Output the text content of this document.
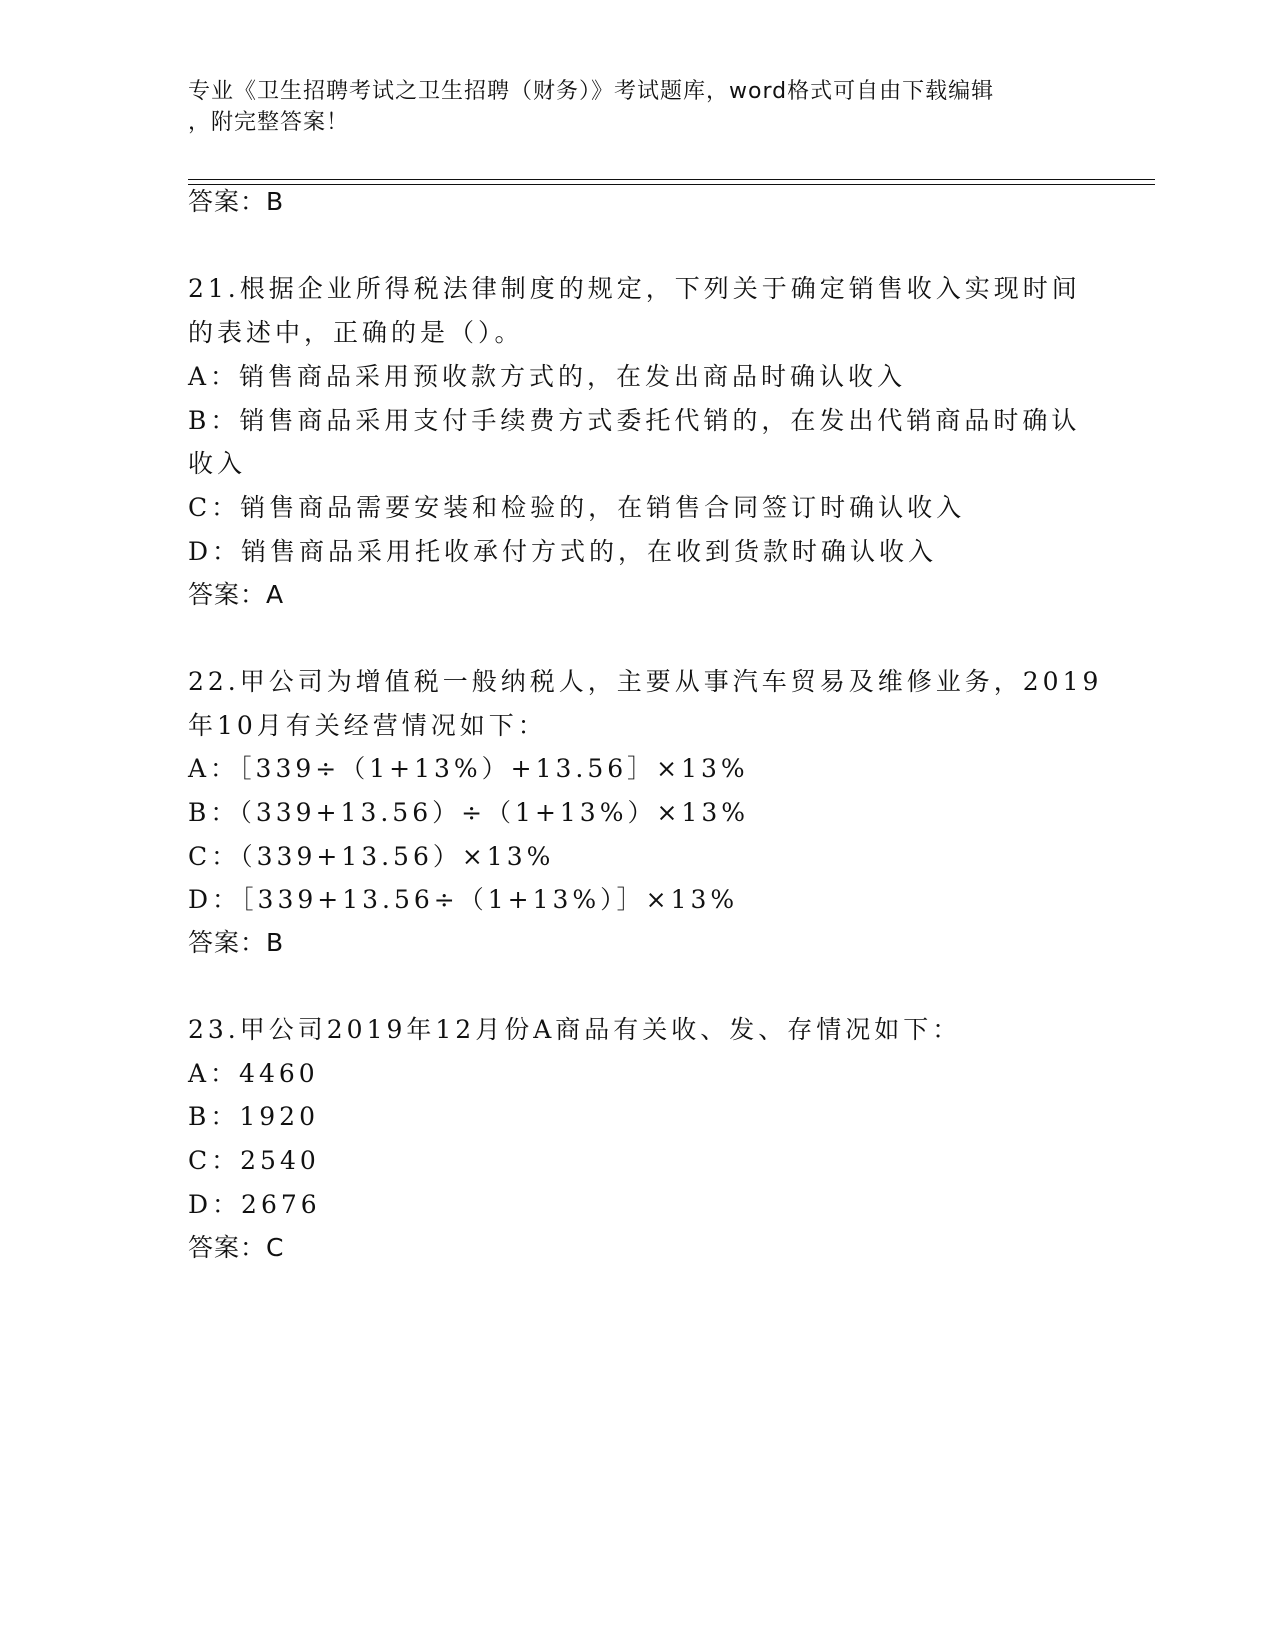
专业《卫生招聘考试之卫生招聘（财务）》考试题库，word格式可自由下载编辑
，附完整答案！
答案：B
21.根据企业所得税法律制度的规定，下列关于确定销售收入实现时间
的表述中，正确的是（）。
A：销售商品采用预收款方式的，在发出商品时确认收入
B：销售商品采用支付手续费方式委托代销的，在发出代销商品时确认
收入
C：销售商品需要安装和检验的，在销售合同签订时确认收入
D：销售商品采用托收承付方式的，在收到货款时确认收入
答案：A
22.甲公司为增值税一般纳税人，主要从事汽车贸易及维修业务，2019
年10月有关经营情况如下：
A：［339÷（1+13%）+13.56］×13%
B：（339+13.56）÷（1+13%）×13%
C：（339+13.56）×13%
D：［339+13.56÷（1+13%）］×13%
答案：B
23.甲公司2019年12月份A商品有关收、发、存情况如下：
A：4460
B：1920
C：2540
D：2676
答案：C
